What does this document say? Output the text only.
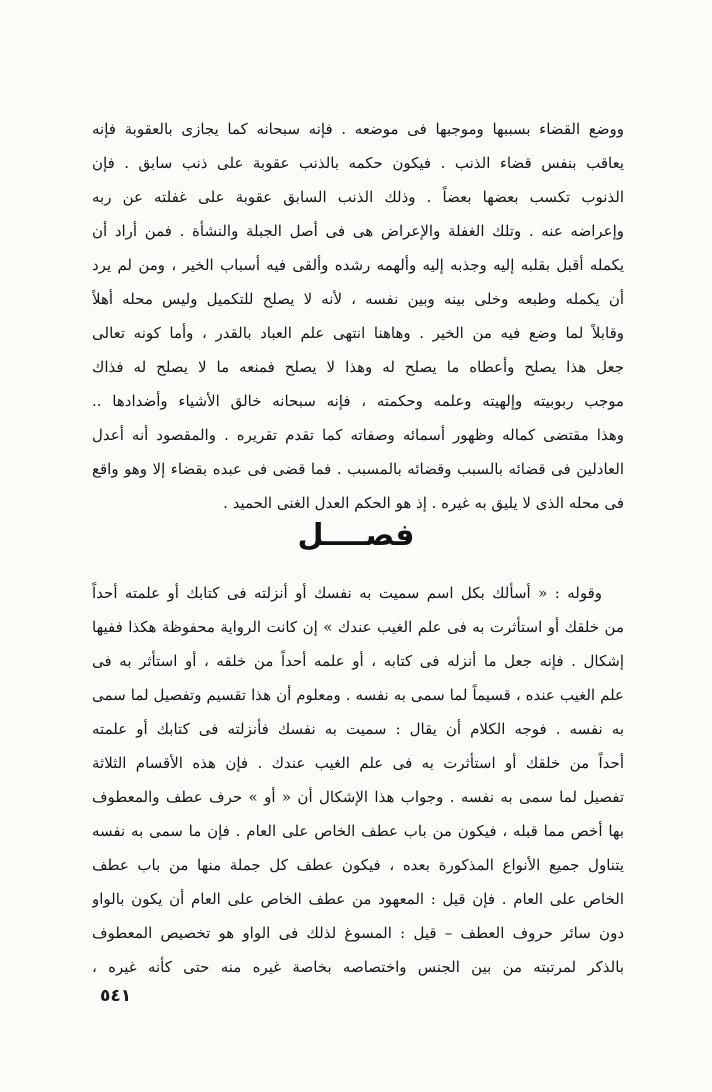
ووضع القضاء بسببها وموجبها فى موضعه . فإنه سبحانه كما يجازى بالعقوبة فإنه
يعاقب بنفس قضاء الذنب . فيكون حكمه بالذنب عقوبة على ذنب سابق . فإن
الذنوب تكسب بعضها بعضاً . وذلك الذنب السابق عقوبة على غفلته عن ربه
وإعراضه عنه . وتلك الغفلة والإعراض هى فى أصل الجبلة والنشأة . فمن أراد أن
يكمله أقبل بقلبه إليه وجذبه إليه وألهمه رشده وألقى فيه أسباب الخير ، ومن لم يرد
أن يكمله وطبعه وخلى بينه وبين نفسه ، لأنه لا يصلح للتكميل وليس محله أهلاً
وقابلاً لما وضع فيه من الخير . وهاهنا انتهى علم العباد بالقدر ، وأما كونه تعالى
جعل هذا يصلح وأعطاه ما يصلح له وهذا لا يصلح فمنعه ما لا يصلح له فذاك
موجب ربوبيته وإلهيته وعلمه وحكمته ، فإنه سبحانه خالق الأشياء وأضدادها ..
وهذا مقتضى كماله وظهور أسمائه وصفاته كما تقدم تقريره . والمقصود أنه أعدل
العادلين فى قضائه بالسبب وقضائه بالمسبب . فما قضى فى عبده بقضاء إلا وهو واقع
فى محله الذى لا يليق به غيره . إذ هو الحكم العدل الغنى الحميد .
فصــــل
وقوله : « أسألك بكل اسم سميت به نفسك أو أنزلته فى كتابك أو علمته أحداً
من خلقك أو استأثرت به فى علم الغيب عندك » إن كانت الرواية محفوظة هكذا ففيها
إشكال . فإنه جعل ما أنزله فى كتابه ، أو علمه أحداً من خلقه ، أو استأثر به فى
علم الغيب عنده ، قسيماً لما سمى به نفسه . ومعلوم أن هذا تقسيم وتفصيل لما سمى
به نفسه . فوجه الكلام أن يقال : سميت به نفسك فأنزلته فى كتابك أو علمته
أحداً من خلقك أو استأثرت به فى علم الغيب عندك . فإن هذه الأقسام الثلاثة
تفصيل لما سمى به نفسه . وجواب هذا الإشكال أن « أو » حرف عطف والمعطوف
بها أخص مما قبله ، فيكون من باب عطف الخاص على العام . فإن ما سمى به نفسه
يتناول جميع الأنواع المذكورة بعده ، فيكون عطف كل جملة منها من باب عطف
الخاص على العام . فإن قيل : المعهود من عطف الخاص على العام أن يكون بالواو
دون سائر حروف العطف – قيل : المسوغ لذلك فى الواو هو تخصيص المعطوف
بالذكر لمرتبته من بين الجنس واختصاصه بخاصة غيره منه حتى كأنه غيره ،
٥٤١
